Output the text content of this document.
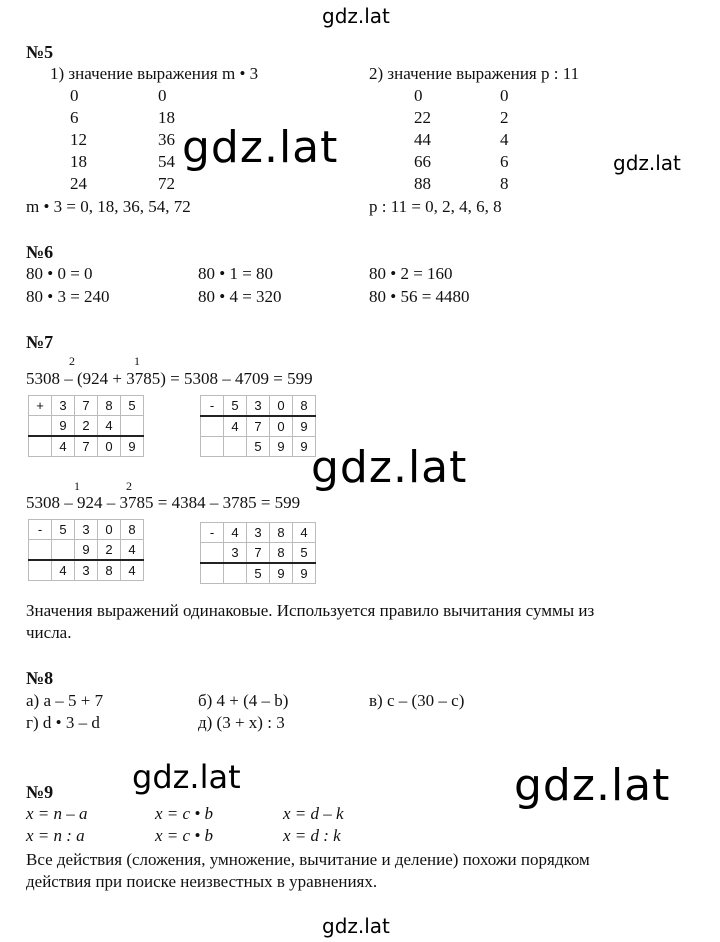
gdz.lat
gdz.lat	gdz.lat
gdz.lat
gdz.lat	gdz.lat
gdz.lat
№5
1) значение выражения m • 3	2) значение выражения p : 11
0	0
6	18
12	36
18	54
24	72
0	0
22	2
44	4
66	6
88	8
m • 3 = 0, 18, 36, 54, 72	p : 11 = 0, 2, 4, 6, 8
№6
80 • 0 = 0	80 • 1 = 80	80 • 2 = 160
80 • 3 = 240	80 • 4 = 320	80 • 56 = 4480
№7
2	1
5308 – (924 + 3785) = 5308 – 4709 = 599
+	3	7	8	5
	9	2	4	
	4	7	0	9
-	5	3	0	8
	4	7	0	9
		5	9	9
1	2
5308 – 924 – 3785 = 4384 – 3785 = 599
-	5	3	0	8
		9	2	4
	4	3	8	4
-	4	3	8	4
	3	7	8	5
		5	9	9
Значения выражений одинаковые. Используется правило вычитания суммы из
числа.
№8
а) a – 5 + 7	б) 4 + (4 – b)	в) c – (30 – c)
г) d • 3 – d	д) (3 + x) : 3
№9
x = n – a	x = c • b	x = d – k
x = n : a	x = c • b	x = d : k
Все действия (сложения, умножение, вычитание и деление) похожи порядком
действия при поиске неизвестных в уравнениях.
